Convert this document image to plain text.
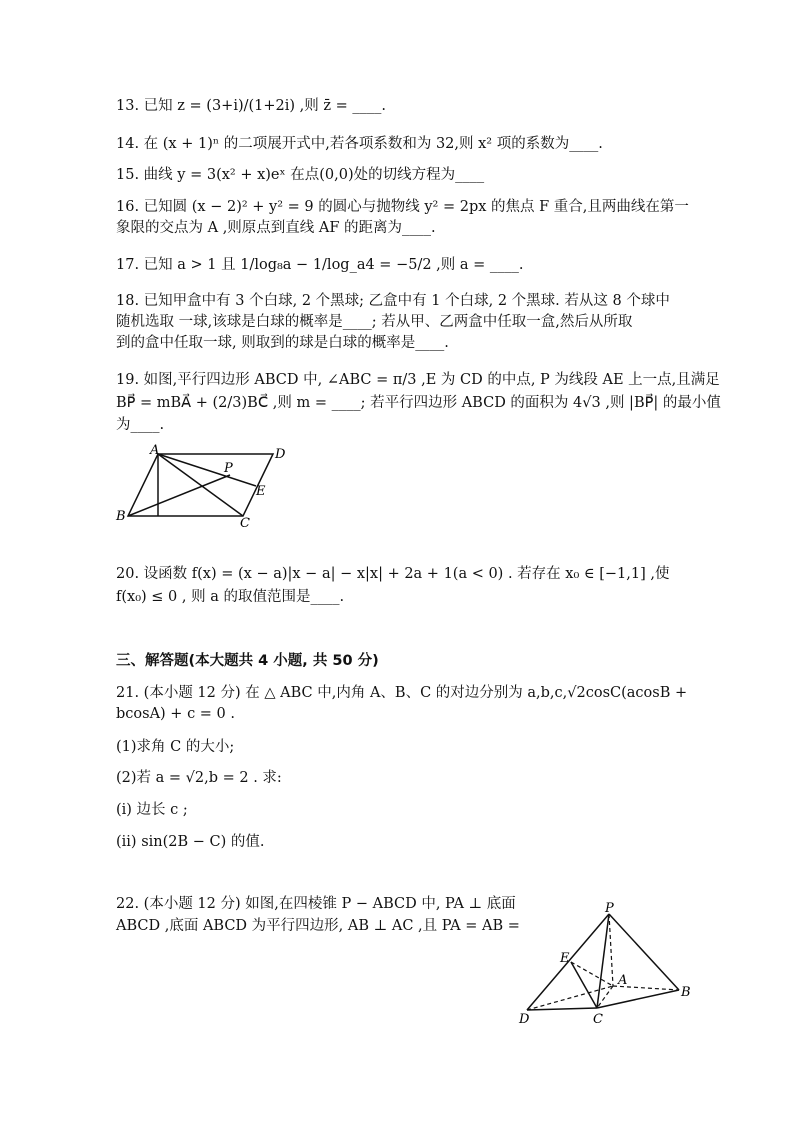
13. 已知 z = (3+i)/(1+2i) ,则 z̄ = ____.
14. 在 (x + 1)ⁿ 的二项展开式中,若各项系数和为 32,则 x² 项的系数为____.
15. 曲线 y = 3(x² + x)eˣ 在点(0,0)处的切线方程为____
16. 已知圆 (x − 2)² + y² = 9 的圆心与抛物线 y² = 2px 的焦点 F 重合,且两曲线在第一
象限的交点为 A ,则原点到直线 AF 的距离为____.
17. 已知 a > 1 且 1/log₈a − 1/log_a4 = −5/2 ,则 a = ____.
18. 已知甲盒中有 3 个白球, 2 个黑球; 乙盒中有 1 个白球, 2 个黑球. 若从这 8 个球中
随机选取 一球,该球是白球的概率是____; 若从甲、乙两盒中任取一盒,然后从所取
到的盒中任取一球, 则取到的球是白球的概率是____.
19. 如图,平行四边形 ABCD 中, ∠ABC = π/3 ,E 为 CD 的中点, P 为线段 AE 上一点,且满足
BP⃗ = mBA⃗ + (2/3)BC⃗ ,则 m = ____; 若平行四边形 ABCD 的面积为 4√3 ,则 |BP⃗| 的最小值
为____.
A	D
P
E
B	C
20. 设函数 f(x) = (x − a)|x − a| − x|x| + 2a + 1(a < 0) . 若存在 x₀ ∈ [−1,1] ,使
f(x₀) ≤ 0 , 则 a 的取值范围是____.
三、解答题(本大题共 4 小题, 共 50 分)
21. (本小题 12 分) 在 △ ABC 中,内角 A、B、C 的对边分别为 a,b,c,√2cosC(acosB +
bcosA) + c = 0 .
(1)求角 C 的大小;
(2)若 a = √2,b = 2 . 求:
(i) 边长 c ;
(ii) sin(2B − C) 的值.
22. (本小题 12 分) 如图,在四棱锥 P − ABCD 中, PA ⊥ 底面
ABCD ,底面 ABCD 为平行四边形, AB ⊥ AC ,且 PA = AB =
P
E
A
B
D	C
